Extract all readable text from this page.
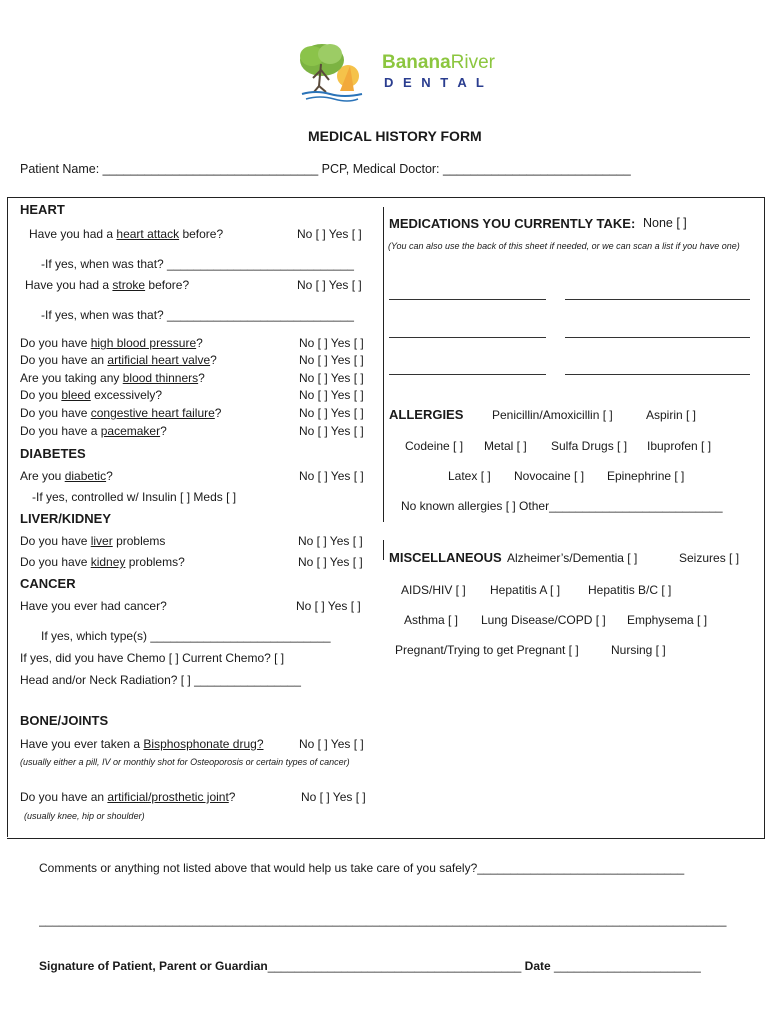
BananaRiver
D E N T A L
MEDICAL HISTORY FORM
Patient Name: _______________________________ PCP, Medical Doctor: ___________________________
HEART
Have you had a heart attack before?	No [ ] Yes [ ]
-If yes, when was that? ____________________________
Have you had a stroke before?	No [ ] Yes [ ]
-If yes, when was that? ____________________________
Do you have high blood pressure?	No [ ] Yes [ ]
Do you have an artificial heart valve?	No [ ] Yes [ ]
Are you taking any blood thinners?	No [ ] Yes [ ]
Do you bleed excessively?	No [ ] Yes [ ]
Do you have congestive heart failure?	No [ ] Yes [ ]
Do you have a pacemaker?	No [ ] Yes [ ]
DIABETES
Are you diabetic?	No [ ] Yes [ ]
-If yes, controlled w/ Insulin [ ] Meds [ ]
LIVER/KIDNEY
Do you have liver problems	No [ ] Yes [ ]
Do you have kidney problems?	No [ ] Yes [ ]
CANCER
Have you ever had cancer?	No [ ] Yes [ ]
If yes, which type(s) ___________________________
If yes, did you have Chemo [ ] Current Chemo? [ ]
Head and/or Neck Radiation? [ ] ________________
BONE/JOINTS
Have you ever taken a Bisphosphonate drug?	No [ ] Yes [ ]
(usually either a pill, IV or monthly shot for Osteoporosis or certain types of cancer)
Do you have an artificial/prosthetic joint?	No [ ] Yes [ ]
(usually knee, hip or shoulder)
MEDICATIONS YOU CURRENTLY TAKE: None [ ]
(You can also use the back of this sheet if needed, or we can scan a list if you have one)
ALLERGIES Penicillin/Amoxicillin [ ]	Aspirin [ ]
Codeine [ ] Metal [ ] Sulfa Drugs [ ] Ibuprofen [ ]
Latex [ ] Novocaine [ ] Epinephrine [ ]
No known allergies [ ] Other__________________________
MISCELLANEOUS Alzheimer’s/Dementia [ ]	Seizures [ ]
AIDS/HIV [ ] Hepatitis A [ ] Hepatitis B/C [ ]
Asthma [ ] Lung Disease/COPD [ ] Emphysema [ ]
Pregnant/Trying to get Pregnant [ ]	Nursing [ ]
Comments or anything not listed above that would help us take care of you safely?_______________________________
_______________________________________________________________________________________________________
Signature of Patient, Parent or Guardian______________________________________ Date ______________________
